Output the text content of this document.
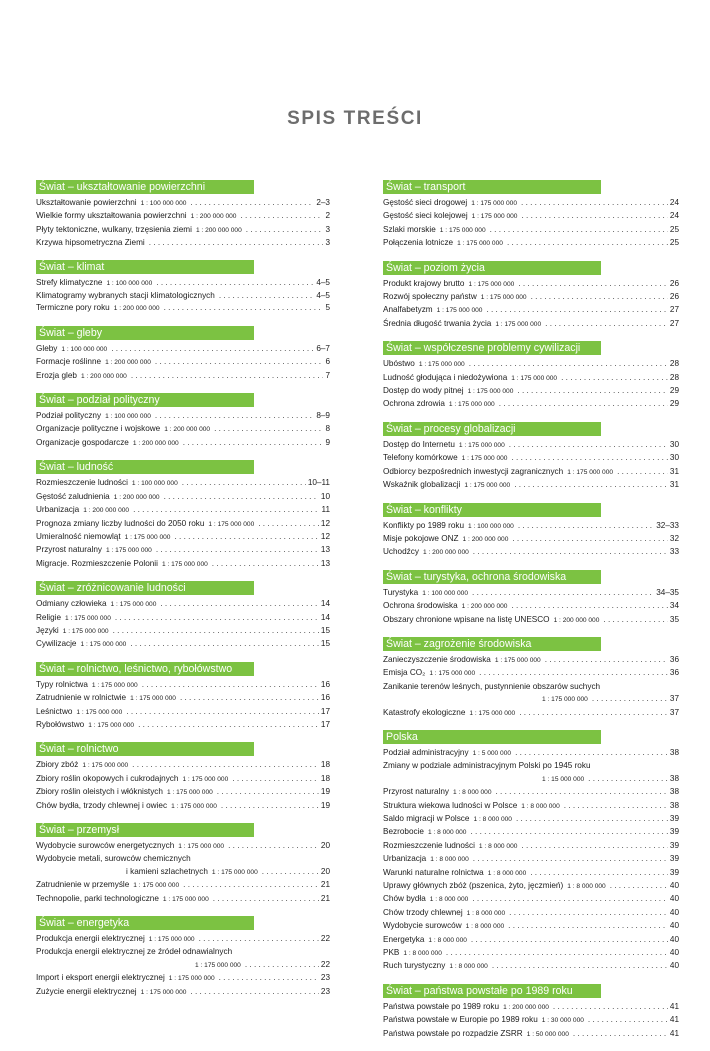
SPIS TREŚCI
Świat – ukształtowanie powierzchni
Ukształtowanie powierzchni 1 : 100 000 000 . . .	2–3
Wielkie formy ukształtowania powierzchni 1 : 200 000 000 . . .	2
Płyty tektoniczne, wulkany, trzęsienia ziemi 1 : 200 000 000 . . .	3
Krzywa hipsometryczna Ziemi . . .	3
Świat – klimat
Strefy klimatyczne 1 : 100 000 000 . . .	4–5
Klimatogramy wybranych stacji klimatologicznych . . .	4–5
Termiczne pory roku 1 : 200 000 000 . . .	5
Świat – gleby
Gleby 1 : 100 000 000 . . .	6–7
Formacje roślinne 1 : 200 000 000 . . .	6
Erozja gleb 1 : 200 000 000 . . .	7
Świat – podział polityczny
Podział polityczny 1 : 100 000 000 . . .	8–9
Organizacje polityczne i wojskowe 1 : 200 000 000 . . .	8
Organizacje gospodarcze 1 : 200 000 000 . . .	9
Świat – ludność
Rozmieszczenie ludności 1 : 100 000 000 . . .	10–11
Gęstość zaludnienia 1 : 200 000 000 . . .	10
Urbanizacja 1 : 200 000 000 . . .	11
Prognoza zmiany liczby ludności do 2050 roku 1 : 175 000 000 . . .	12
Umieralność niemowląt 1 : 175 000 000 . . .	12
Przyrost naturalny 1 : 175 000 000 . . .	13
Migracje. Rozmieszczenie Polonii 1 : 175 000 000 . . .	13
Świat – zróżnicowanie ludności
Odmiany człowieka 1 : 175 000 000 . . .	14
Religie 1 : 175 000 000 . . .	14
Języki 1 : 175 000 000 . . .	15
Cywilizacje 1 : 175 000 000 . . .	15
Świat – rolnictwo, leśnictwo, rybołówstwo
Typy rolnictwa 1 : 175 000 000 . . .	16
Zatrudnienie w rolnictwie 1 : 175 000 000 . . .	16
Leśnictwo 1 : 175 000 000 . . .	17
Rybołówstwo 1 : 175 000 000 . . .	17
Świat – rolnictwo
Zbiory zbóż 1 : 175 000 000 . . .	18
Zbiory roślin okopowych i cukrodajnych 1 : 175 000 000 . . .	18
Zbiory roślin oleistych i włóknistych 1 : 175 000 000 . . .	19
Chów bydła, trzody chlewnej i owiec 1 : 175 000 000 . . .	19
Świat – przemysł
Wydobycie surowców energetycznych 1 : 175 000 000 . . .	20
Wydobycie metali, surowców chemicznych
i kamieni szlachetnych 1 : 175 000 000 . . .	20
Zatrudnienie w przemyśle 1 : 175 000 000 . . .	21
Technopolie, parki technologiczne 1 : 175 000 000 . . .	21
Świat – energetyka
Produkcja energii elektrycznej 1 : 175 000 000 . . .	22
Produkcja energii elektrycznej ze źródeł odnawialnych
1 : 175 000 000 . . .	22
Import i eksport energii elektrycznej 1 : 175 000 000 . . .	23
Zużycie energii elektrycznej 1 : 175 000 000 . . .	23
Świat – transport
Gęstość sieci drogowej 1 : 175 000 000 . . .	24
Gęstość sieci kolejowej 1 : 175 000 000 . . .	24
Szlaki morskie 1 : 175 000 000 . . .	25
Połączenia lotnicze 1 : 175 000 000 . . .	25
Świat – poziom życia
Produkt krajowy brutto 1 : 175 000 000 . . .	26
Rozwój społeczny państw 1 : 175 000 000 . . .	26
Analfabetyzm 1 : 175 000 000 . . .	27
Średnia długość trwania życia 1 : 175 000 000 . . .	27
Świat – współczesne problemy cywilizacji
Ubóstwo 1 : 175 000 000 . . .	28
Ludność głodująca i niedożywiona 1 : 175 000 000 . . .	28
Dostęp do wody pitnej 1 : 175 000 000 . . .	29
Ochrona zdrowia 1 : 175 000 000 . . .	29
Świat – procesy globalizacji
Dostęp do Internetu 1 : 175 000 000 . . .	30
Telefony komórkowe 1 : 175 000 000 . . .	30
Odbiorcy bezpośrednich inwestycji zagranicznych 1 : 175 000 000 . . .	31
Wskaźnik globalizacji 1 : 175 000 000 . . .	31
Świat – konflikty
Konflikty po 1989 roku 1 : 100 000 000 . . .	32–33
Misje pokojowe ONZ 1 : 200 000 000 . . .	32
Uchodźcy 1 : 200 000 000 . . .	33
Świat – turystyka, ochrona środowiska
Turystyka 1 : 100 000 000 . . .	34–35
Ochrona środowiska 1 : 200 000 000 . . .	34
Obszary chronione wpisane na listę UNESCO 1 : 200 000 000 . . .	35
Świat – zagrożenie środowiska
Zanieczyszczenie środowiska 1 : 175 000 000 . . .	36
Emisja CO₂ 1 : 175 000 000 . . .	36
Zanikanie terenów leśnych, pustynnienie obszarów suchych
1 : 175 000 000 . . .	37
Katastrofy ekologiczne 1 : 175 000 000 . . .	37
Polska
Podział administracyjny 1 : 5 000 000 . . .	38
Zmiany w podziale administracyjnym Polski po 1945 roku
1 : 15 000 000 . . .	38
Przyrost naturalny 1 : 8 000 000 . . .	38
Struktura wiekowa ludności w Polsce 1 : 8 000 000 . . .	38
Saldo migracji w Polsce 1 : 8 000 000 . . .	39
Bezrobocie 1 : 8 000 000 . . .	39
Rozmieszczenie ludności 1 : 8 000 000 . . .	39
Urbanizacja 1 : 8 000 000 . . .	39
Warunki naturalne rolnictwa 1 : 8 000 000 . . .	39
Uprawy głównych zbóż (pszenica, żyto, jęczmień) 1 : 8 000 000 . . .	40
Chów bydła 1 : 8 000 000 . . .	40
Chów trzody chlewnej 1 : 8 000 000 . . .	40
Wydobycie surowców 1 : 8 000 000 . . .	40
Energetyka 1 : 8 000 000 . . .	40
PKB 1 : 8 000 000 . . .	40
Ruch turystyczny 1 : 8 000 000 . . .	40
Świat – państwa powstałe po 1989 roku
Państwa powstałe po 1989 roku 1 : 200 000 000 . . .	41
Państwa powstałe w Europie po 1989 roku 1 : 30 000 000 . . .	41
Państwa powstałe po rozpadzie ZSRR 1 : 50 000 000 . . .	41
